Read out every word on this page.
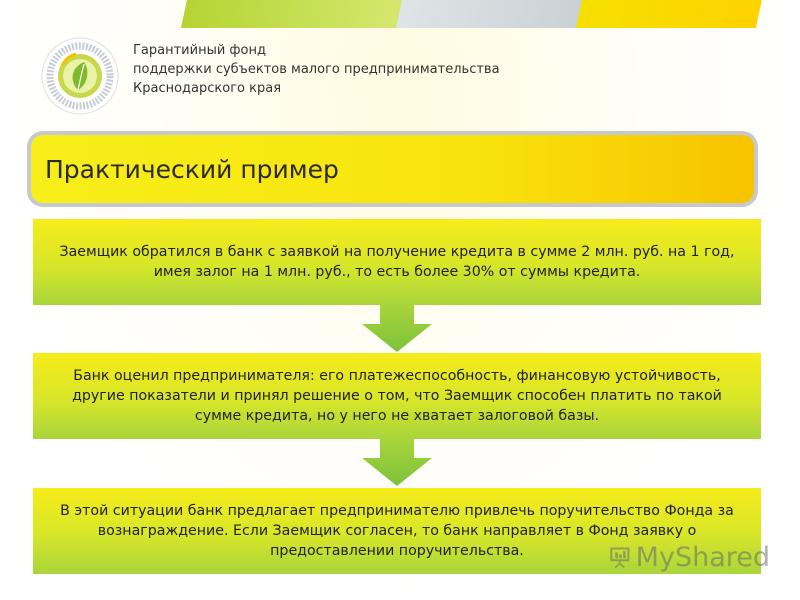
Гарантийный фонд
поддержки субъектов малого предпринимательства
Краснодарского края
Практический пример
Заемщик обратился в банк с заявкой на получение кредита в сумме 2 млн. руб. на 1 год, имея залог на 1 млн. руб., то есть более 30% от суммы кредита.
Банк оценил предпринимателя: его платежеспособность, финансовую устойчивость, другие показатели и принял решение о том, что Заемщик способен платить по такой сумме кредита, но у него не хватает залоговой базы.
В этой ситуации банк предлагает предпринимателю привлечь поручительство Фонда за вознаграждение. Если Заемщик согласен, то банк направляет в Фонд заявку о предоставлении поручительства.	MyShared
